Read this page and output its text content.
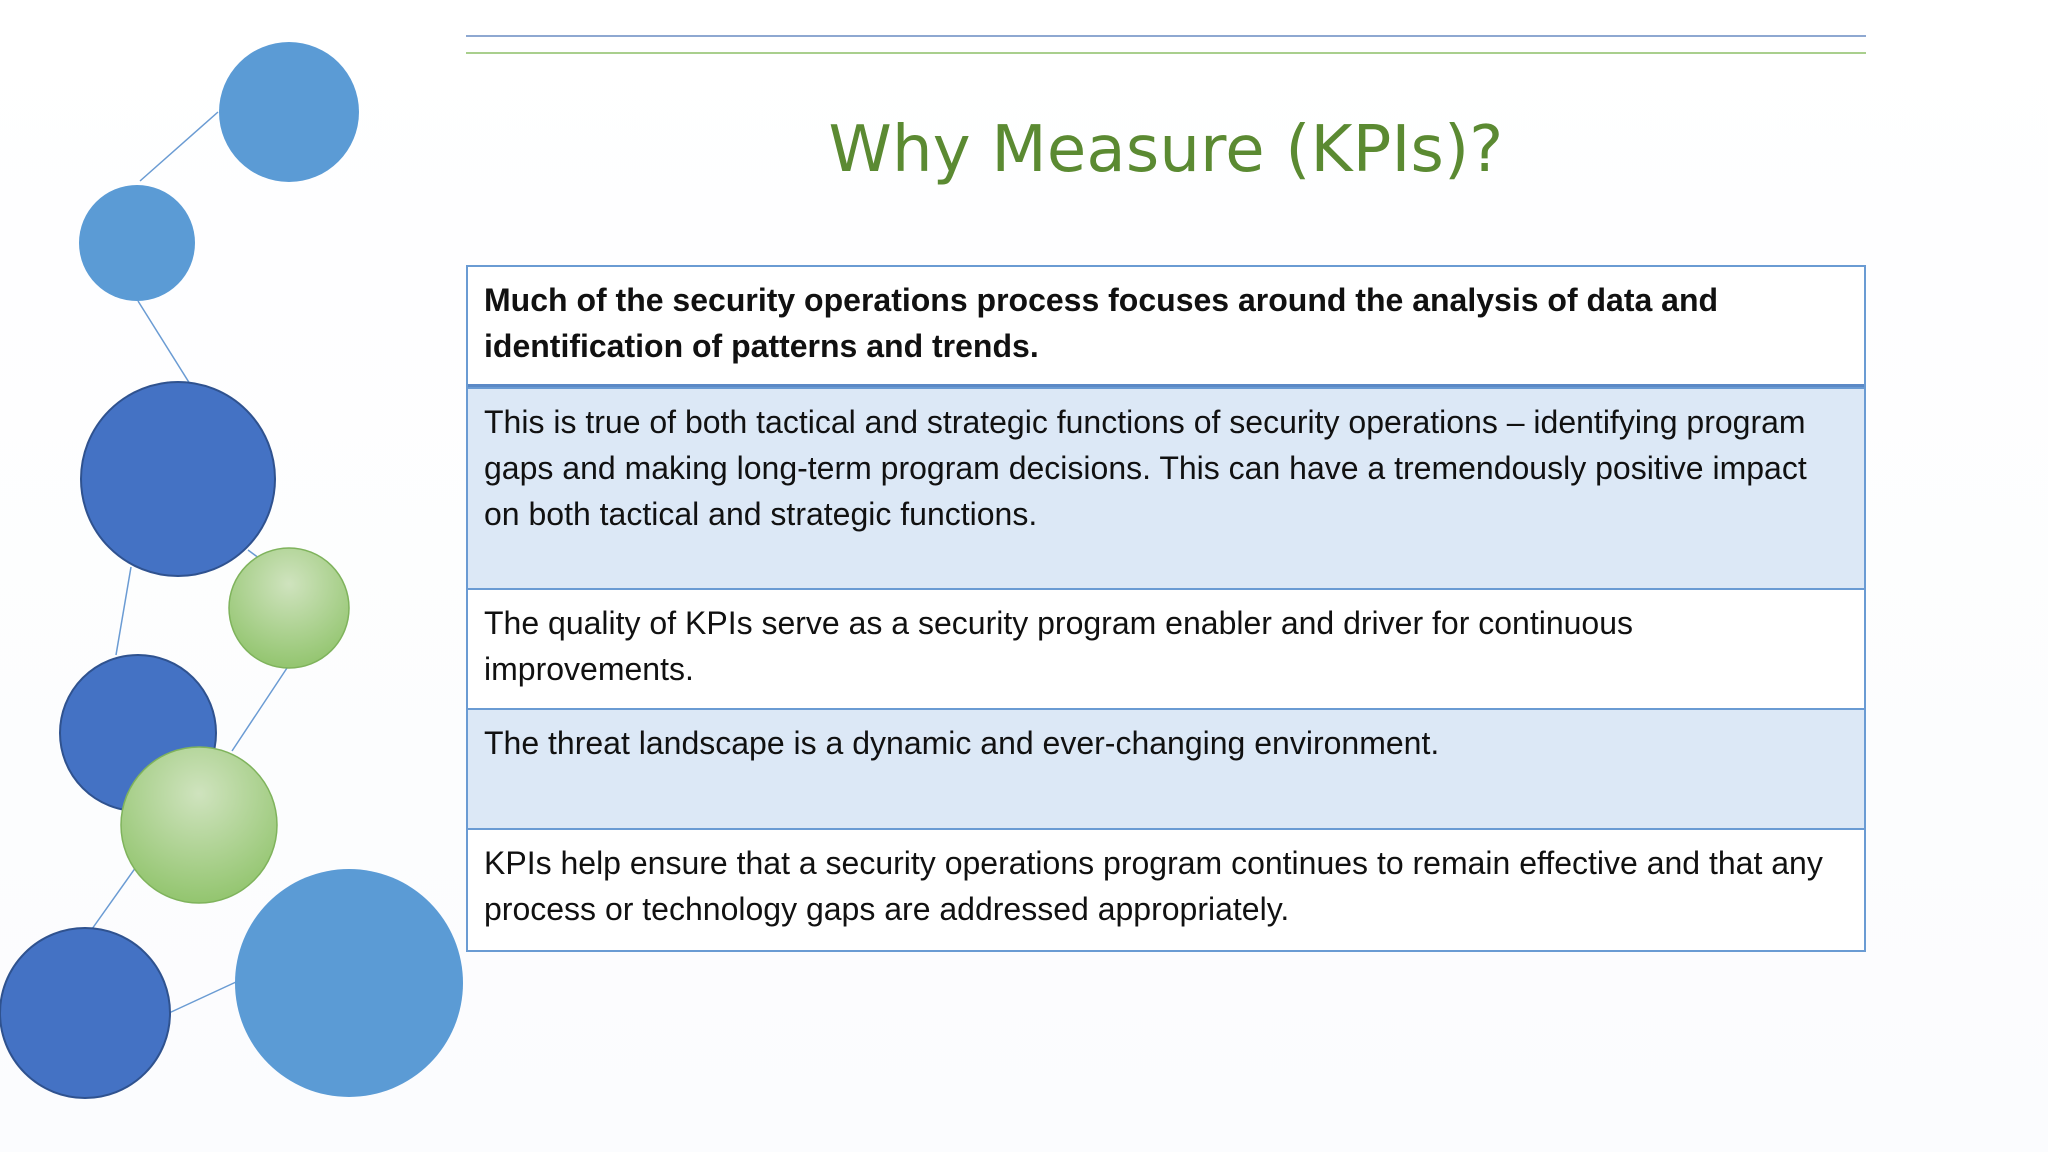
Why Measure (KPIs)?
Much of the security operations process focuses around the analysis of data and identification of patterns and trends.
This is true of both tactical and strategic functions of security operations – identifying program gaps and making long-term program decisions. This can have a tremendously positive impact on both tactical and strategic functions.
The quality of KPIs serve as a security program enabler and driver for continuous improvements.
The threat landscape is a dynamic and ever-changing environment.
KPIs help ensure that a security operations program continues to remain effective and that any process or technology gaps are addressed appropriately.
